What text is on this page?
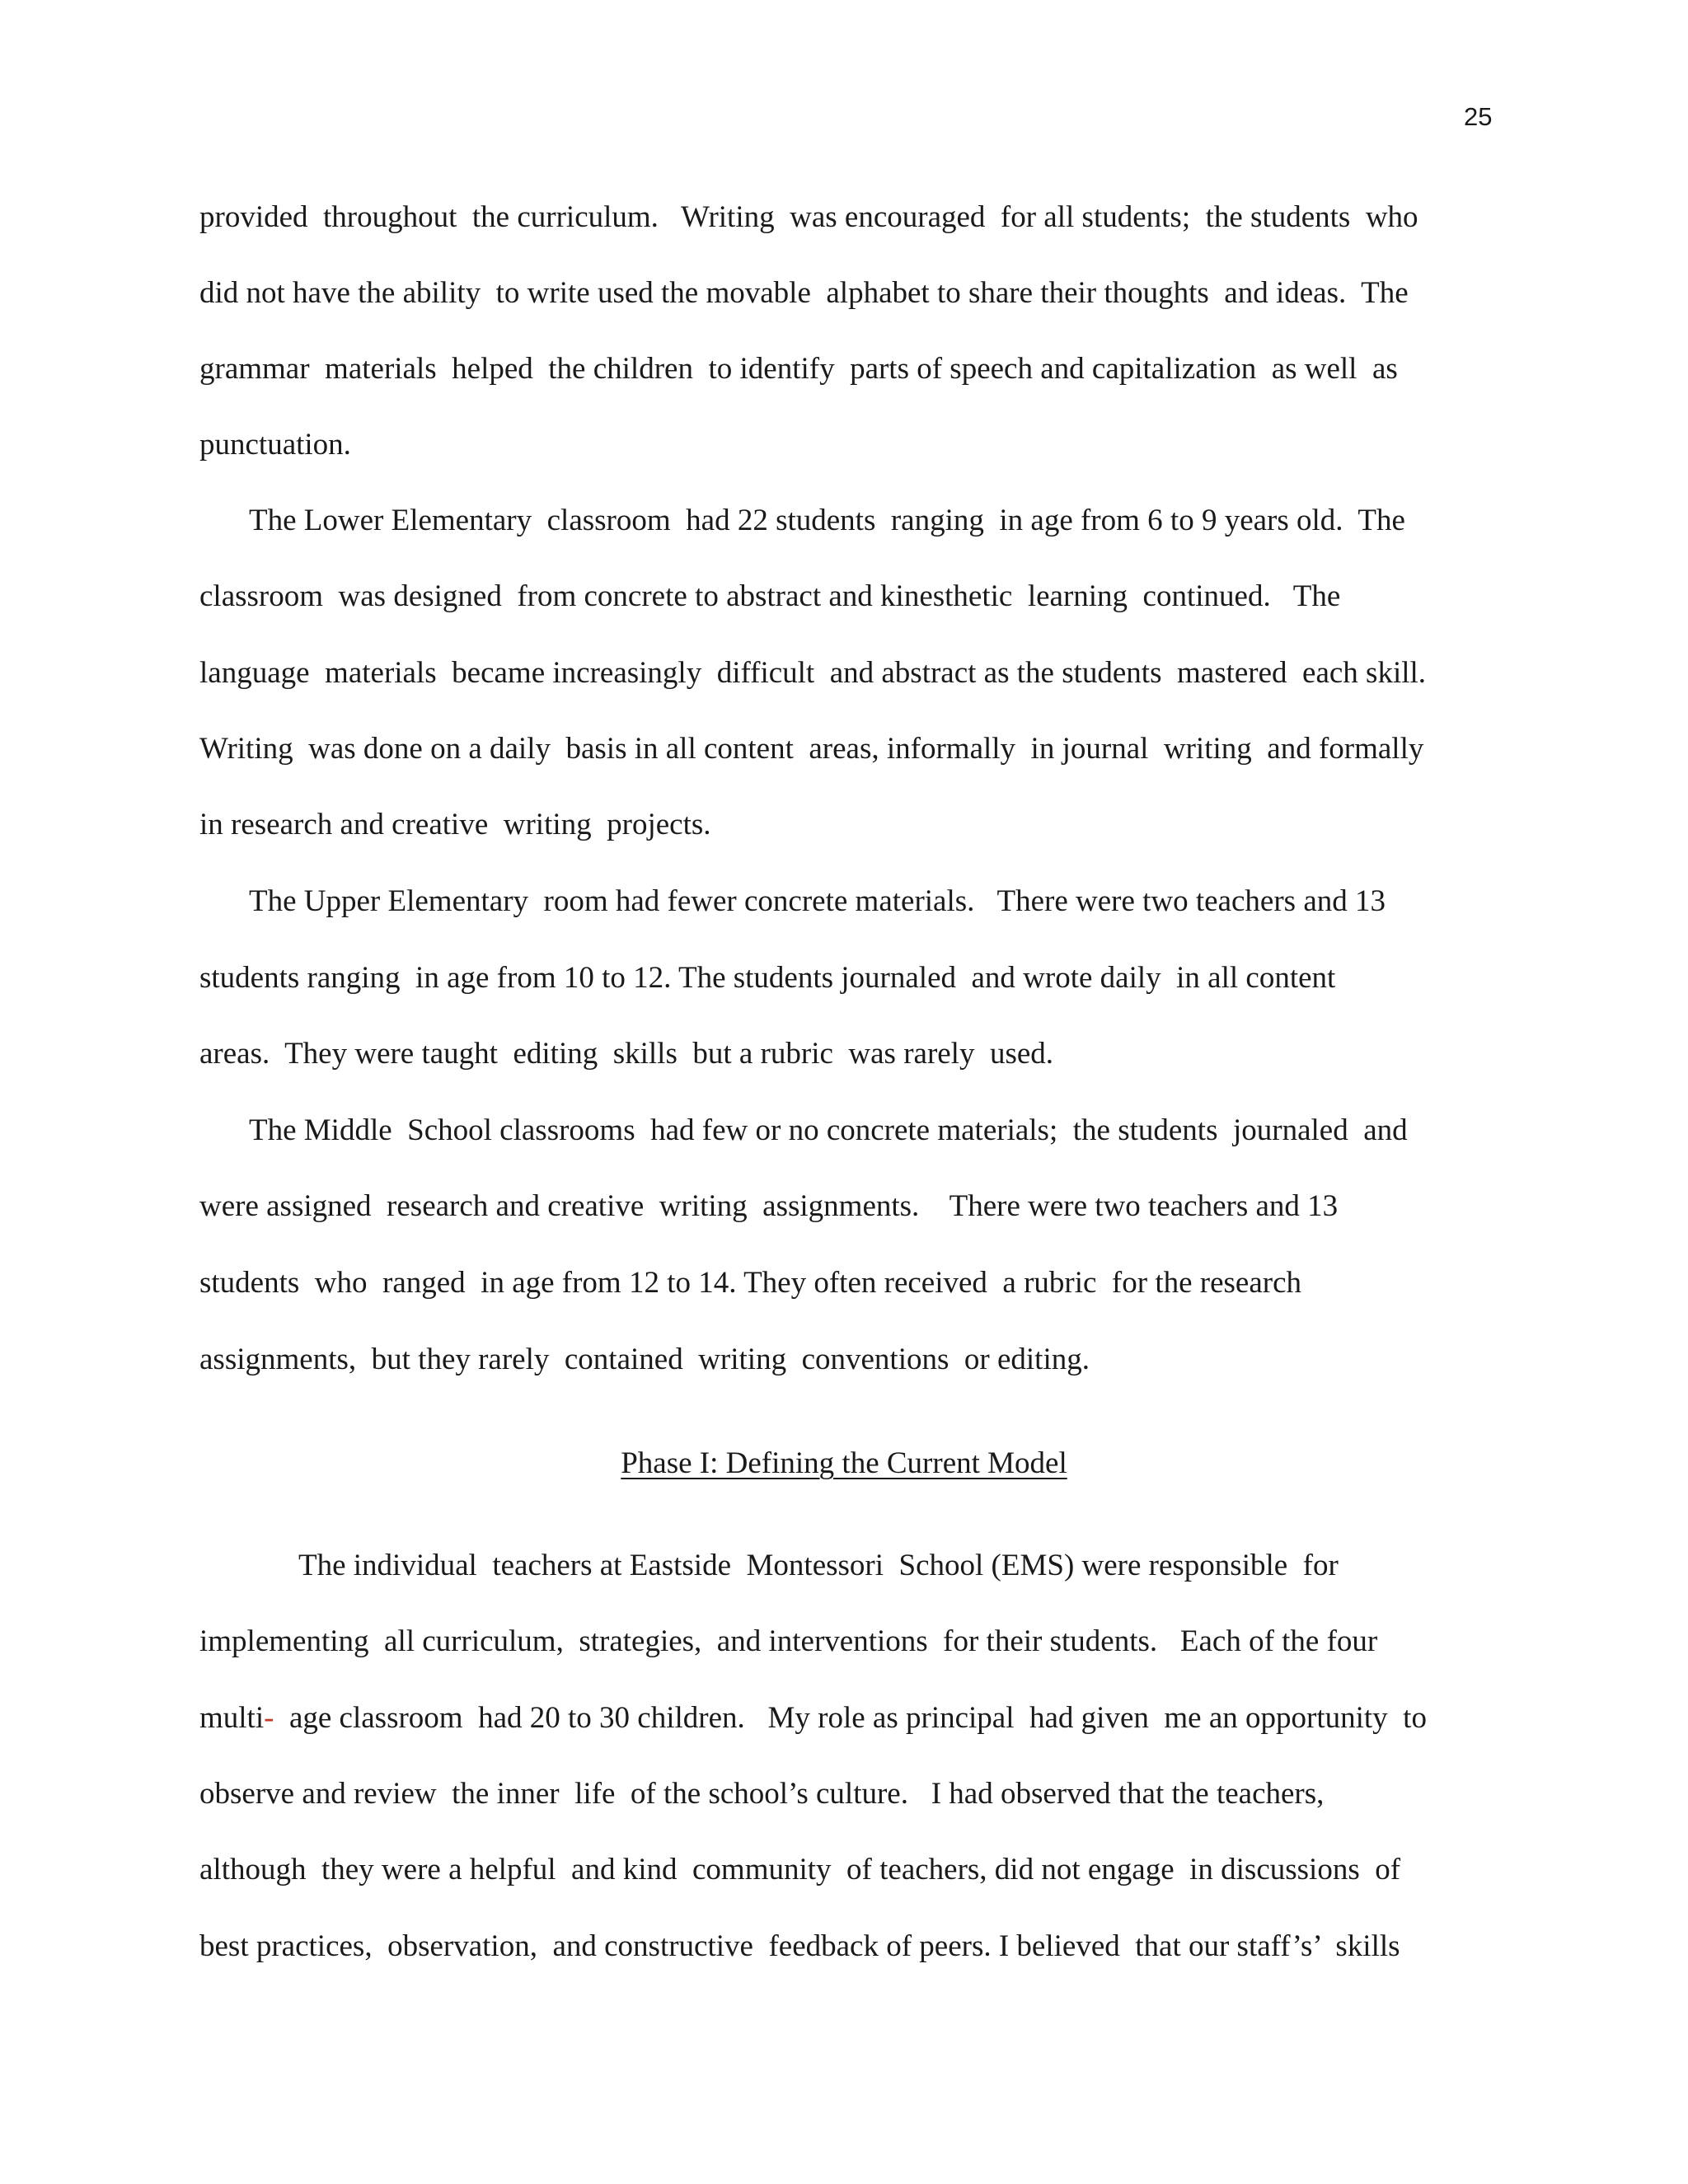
25
provided  throughout  the curriculum.   Writing  was encouraged  for all students;  the students  who
did not have the ability  to write used the movable  alphabet to share their thoughts  and ideas.  The
grammar  materials  helped  the children  to identify  parts of speech and capitalization  as well  as
punctuation.
The Lower Elementary  classroom  had 22 students  ranging  in age from 6 to 9 years old.  The
classroom  was designed  from concrete to abstract and kinesthetic  learning  continued.   The
language  materials  became increasingly  difficult  and abstract as the students  mastered  each skill.
Writing  was done on a daily  basis in all content  areas, informally  in journal  writing  and formally
in research and creative  writing  projects.
The Upper Elementary  room had fewer concrete materials.   There were two teachers and 13
students ranging  in age from 10 to 12. The students journaled  and wrote daily  in all content
areas.  They were taught  editing  skills  but a rubric  was rarely  used.
The Middle  School classrooms  had few or no concrete materials;  the students  journaled  and
were assigned  research and creative  writing  assignments.    There were two teachers and 13
students  who  ranged  in age from 12 to 14. They often received  a rubric  for the research
assignments,  but they rarely  contained  writing  conventions  or editing.
Phase I: Defining the Current Model
The individual  teachers at Eastside  Montessori  School (EMS) were responsible  for
implementing  all curriculum,  strategies,  and interventions  for their students.   Each of the four
multi- age classroom  had 20 to 30 children.   My role as principal  had given  me an opportunity  to
observe and review  the inner  life  of the school’s culture.   I had observed that the teachers,
although  they were a helpful  and kind  community  of teachers, did not engage  in discussions  of
best practices,  observation,  and constructive  feedback of peers. I believed  that our staff’s’  skills
